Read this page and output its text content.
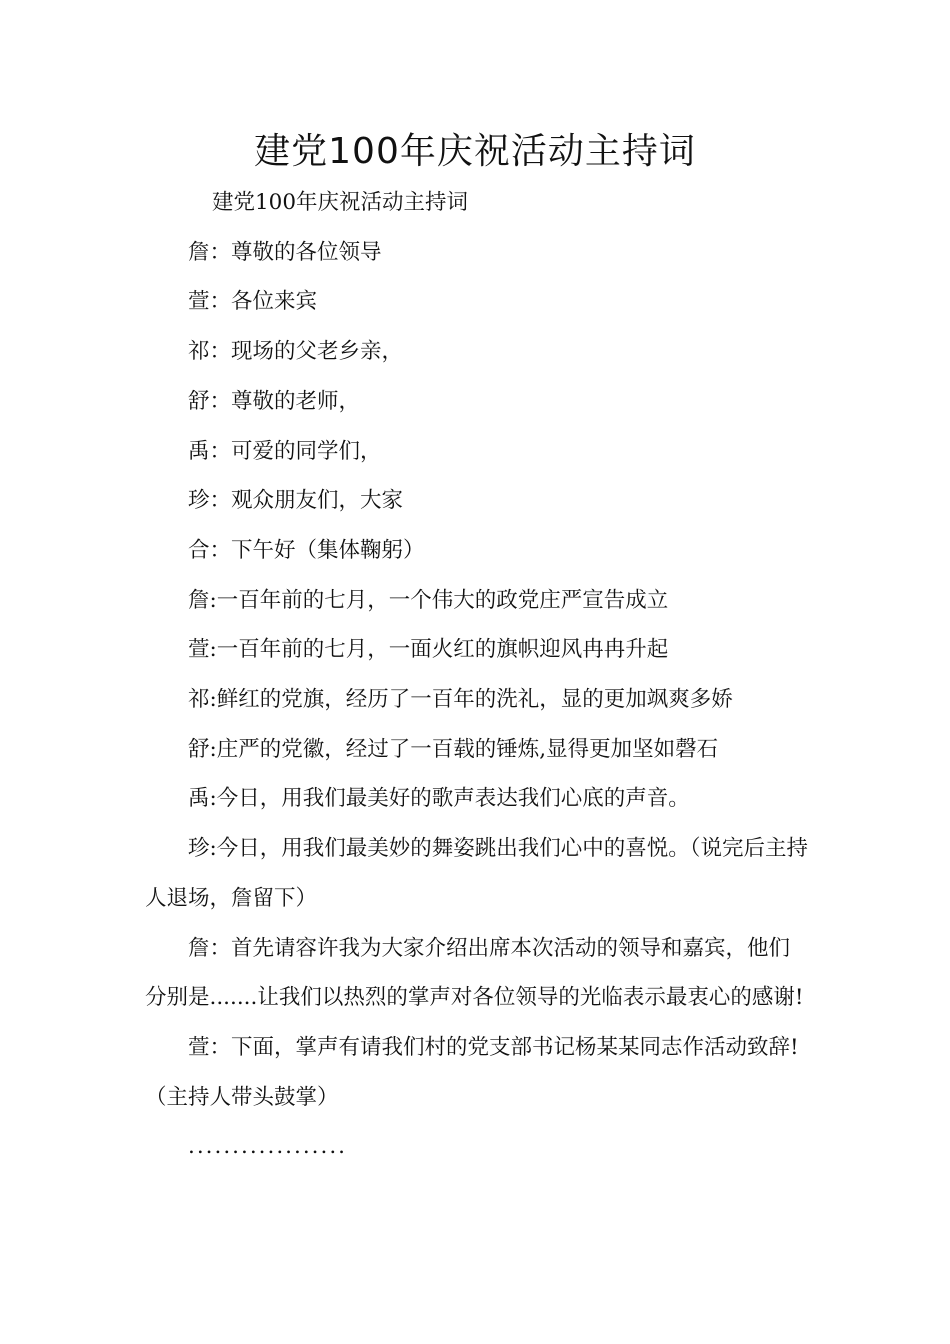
建党100年庆祝活动主持词

建党100年庆祝活动主持词

詹：尊敬的各位领导

萱：各位来宾

祁：现场的父老乡亲，

舒：尊敬的老师，

禹：可爱的同学们，

珍：观众朋友们，大家

合：下午好（集体鞠躬）

詹:一百年前的七月，一个伟大的政党庄严宣告成立

萱:一百年前的七月，一面火红的旗帜迎风冉冉升起

祁:鲜红的党旗，经历了一百年的洗礼，显的更加飒爽多娇

舒:庄严的党徽，经过了一百载的锤炼,显得更加坚如磬石

禹:今日，用我们最美好的歌声表达我们心底的声音。

珍:今日，用我们最美妙的舞姿跳出我们心中的喜悦。（说完后主持人退场，詹留下）

詹：首先请容许我为大家介绍出席本次活动的领导和嘉宾，他们分别是.......让我们以热烈的掌声对各位领导的光临表示最衷心的感谢!

萱：下面，掌声有请我们村的党支部书记杨某某同志作活动致辞!（主持人带头鼓掌）

..................
